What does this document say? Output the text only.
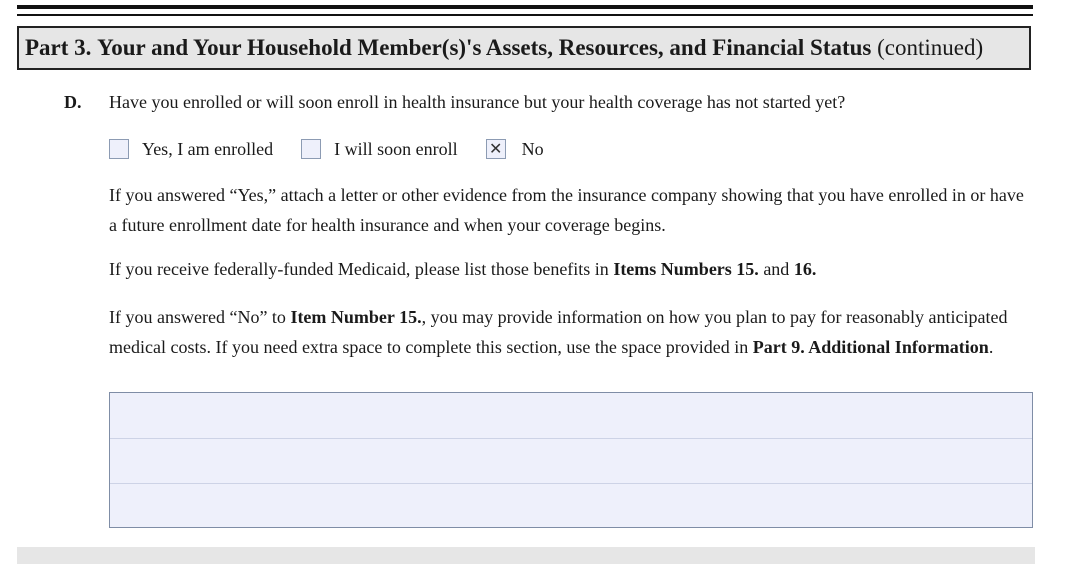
Part 3. Your and Your Household Member(s)'s Assets, Resources, and Financial Status (continued)
D. Have you enrolled or will soon enroll in health insurance but your health coverage has not started yet?
Yes, I am enrolled	I will soon enroll ✕ No
If you answered “Yes,” attach a letter or other evidence from the insurance company showing that you have enrolled in or have a future enrollment date for health insurance and when your coverage begins.
If you receive federally-funded Medicaid, please list those benefits in Items Numbers 15. and 16.
If you answered “No” to Item Number 15., you may provide information on how you plan to pay for reasonably anticipated medical costs. If you need extra space to complete this section, use the space provided in Part 9. Additional Information.
